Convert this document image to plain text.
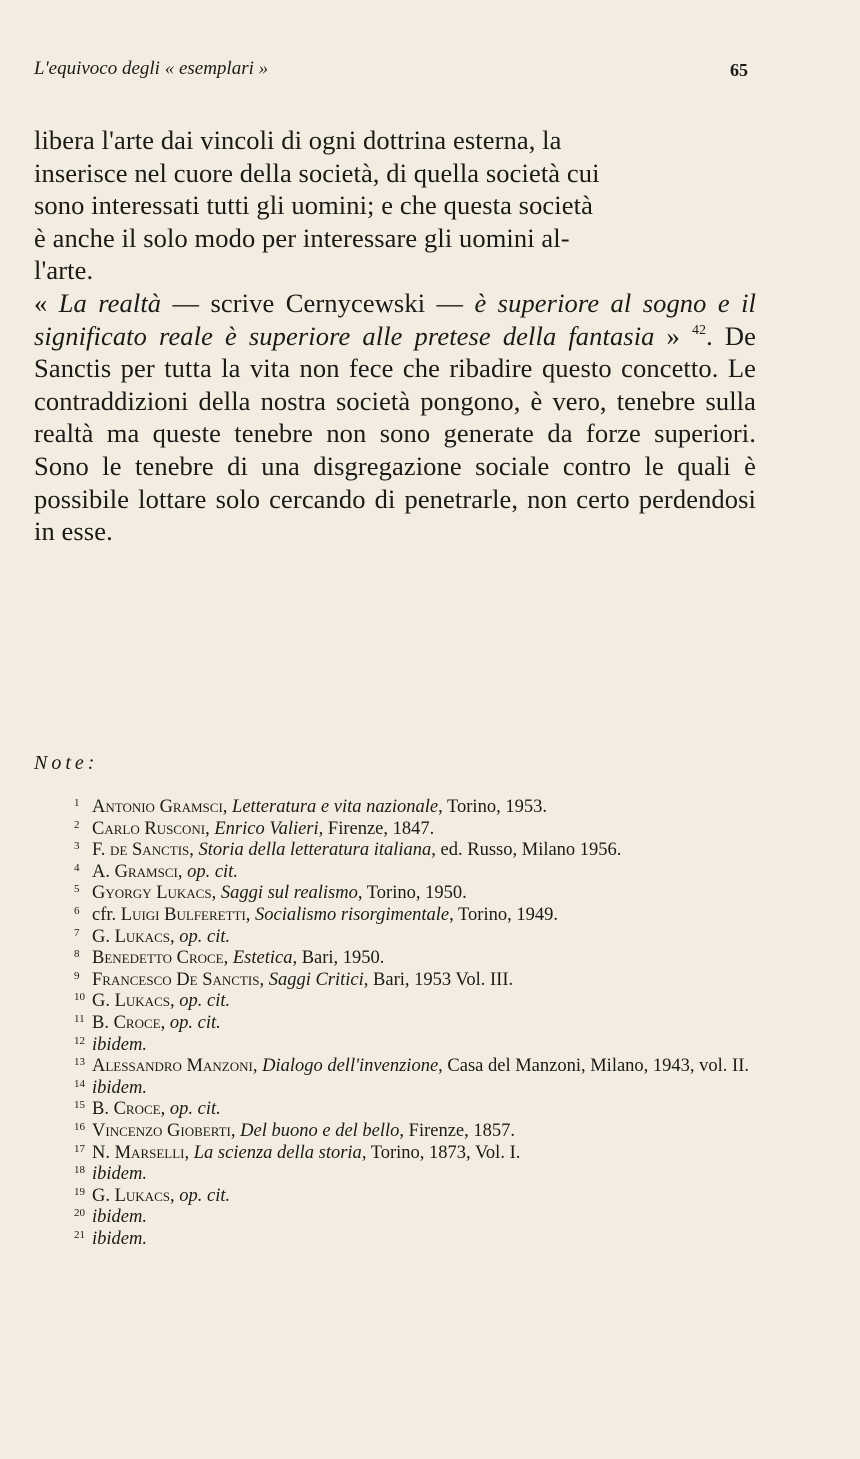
L'equivoco degli « esemplari »	65

libera l'arte dai vincoli di ogni dottrina esterna, la
inserisce nel cuore della società, di quella società cui
sono interessati tutti gli uomini; e che questa società
è anche il solo modo per interessare gli uomini al-
l'arte.

« La realtà — scrive Cernycewski — è superiore al sogno e il significato reale è superiore alle pretese della fantasia » $^{42}$. De Sanctis per tutta la vita non fece che ribadire questo concetto. Le contraddizioni della nostra società pongono, è vero, tenebre sulla realtà ma queste tenebre non sono generate da forze superiori. Sono le tenebre di una disgregazione sociale contro le quali è possibile lottare solo cercando di penetrarle, non certo perdendosi in esse.

Note:

1 Antonio Gramsci, Letteratura e vita nazionale, Torino, 1953.

2 Carlo Rusconi, Enrico Valieri, Firenze, 1847.

3 F. de Sanctis, Storia della letteratura italiana, ed. Russo, Milano 1956.

4 A. Gramsci, op. cit.

5 Gyorgy Lukacs, Saggi sul realismo, Torino, 1950.

6 cfr. Luigi Bulferetti, Socialismo risorgimentale, Torino, 1949.

7 G. Lukacs, op. cit.

8 Benedetto Croce, Estetica, Bari, 1950.

9 Francesco De Sanctis, Saggi Critici, Bari, 1953 Vol. III.

10 G. Lukacs, op. cit.

11 B. Croce, op. cit.

12 ibidem.

13 Alessandro Manzoni, Dialogo dell'invenzione, Casa del Manzoni, Milano, 1943, vol. II.

14 ibidem.

15 B. Croce, op. cit.

16 Vincenzo Gioberti, Del buono e del bello, Firenze, 1857.

17 N. Marselli, La scienza della storia, Torino, 1873, Vol. I.

18 ibidem.

19 G. Lukacs, op. cit.

20 ibidem.

21 ibidem.
